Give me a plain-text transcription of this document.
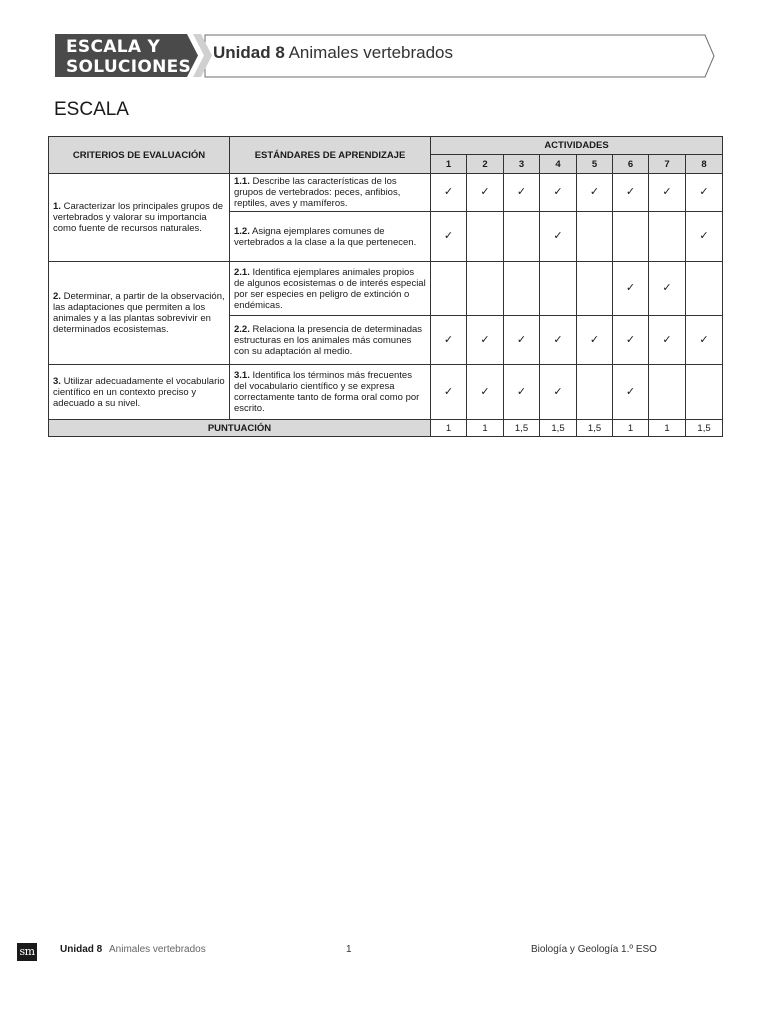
ESCALA Y
SOLUCIONES
Unidad 8 Animales vertebrados
ESCALA
CRITERIOS DE EVALUACIÓN	ESTÁNDARES DE APRENDIZAJE	ACTIVIDADES							
		1	2	3	4	5	6	7	8
1. Caracterizar los principales grupos de vertebrados y valorar su importancia como fuente de recursos naturales.	1.1. Describe las características de los grupos de vertebrados: peces, anfibios, reptiles, aves y mamíferos.	✓	✓	✓	✓	✓	✓	✓	✓
	1.2. Asigna ejemplares comunes de vertebrados a la clase a la que pertenecen.	✓			✓				✓
2. Determinar, a partir de la observación, las adaptaciones que permiten a los animales y a las plantas sobrevivir en determinados ecosistemas.	2.1. Identifica ejemplares animales propios de algunos ecosistemas o de interés especial por ser especies en peligro de extinción o endémicas.						✓	✓	
	2.2. Relaciona la presencia de determinadas estructuras en los animales más comunes con su adaptación al medio.	✓	✓	✓	✓	✓	✓	✓	✓
3. Utilizar adecuadamente el vocabulario científico en un contexto preciso y adecuado a su nivel.	3.1. Identifica los términos más frecuentes del vocabulario científico y se expresa correctamente tanto de forma oral como por escrito.	✓	✓	✓	✓		✓		
PUNTUACIÓN		1	1	1,5	1,5	1,5	1	1	1,5
sm	Unidad 8 Animales vertebrados	1	Biología y Geología 1.º ESO
